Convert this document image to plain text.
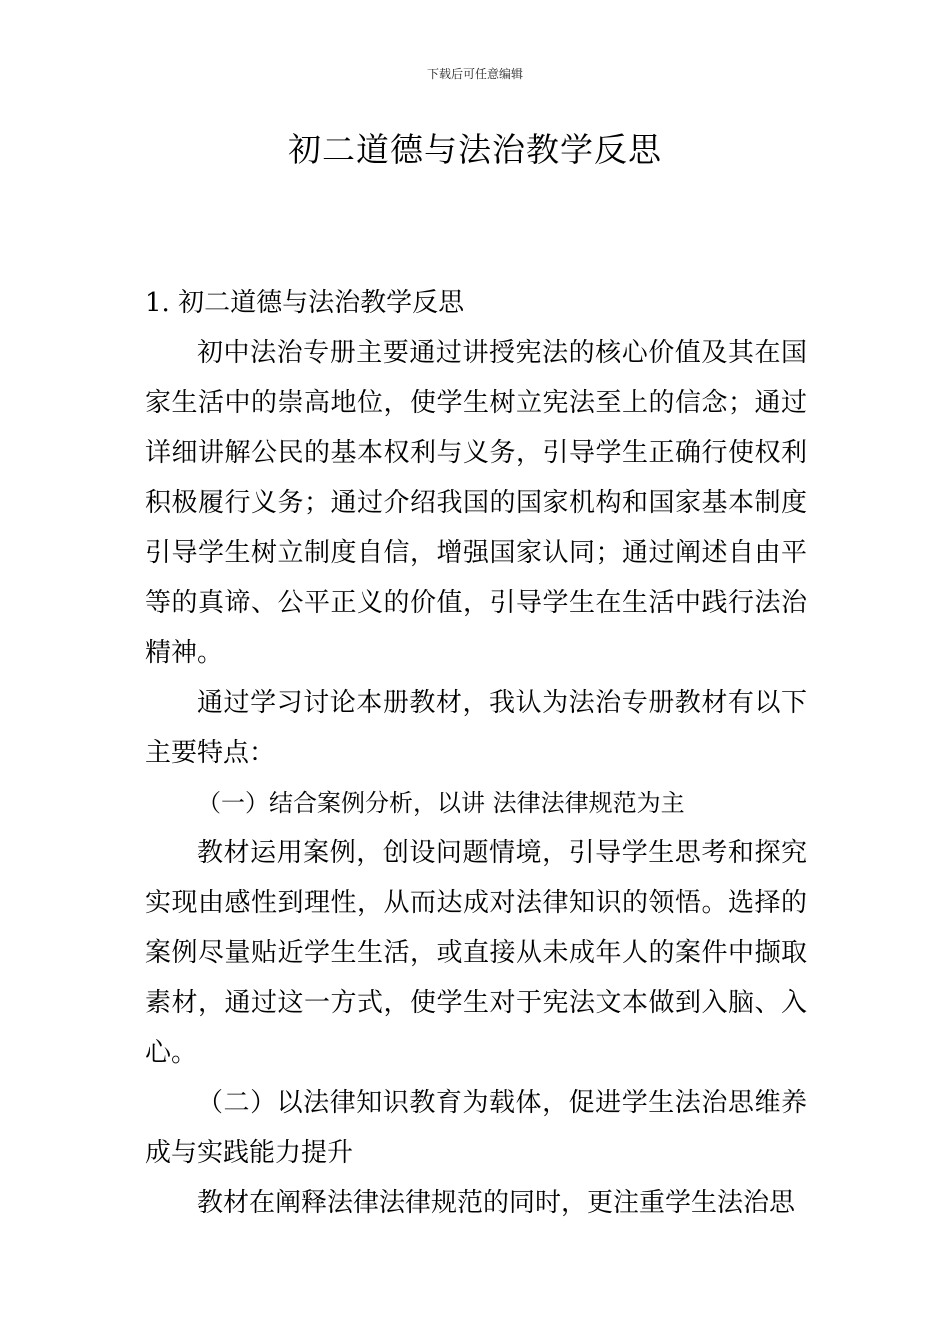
下载后可任意编辑
初二道德与法治教学反思

1. 初二道德与法治教学反思

初中法治专册主要通过讲授宪法的核心价值及其在国家生活中的崇高地位，使学生树立宪法至上的信念；通过详细讲解公民的基本权利与义务，引导学生正确行使权利积极履行义务；通过介绍我国的国家机构和国家基本制度引导学生树立制度自信，增强国家认同；通过阐述自由平等的真谛、公平正义的价值，引导学生在生活中践行法治精神。

通过学习讨论本册教材，我认为法治专册教材有以下主要特点：

（一）结合案例分析，以讲 法律法律规范为主

教材运用案例，创设问题情境，引导学生思考和探究实现由感性到理性，从而达成对法律知识的领悟。选择的案例尽量贴近学生生活，或直接从未成年人的案件中撷取素材，通过这一方式，使学生对于宪法文本做到入脑、入心。

（二）以法律知识教育为载体，促进学生法治思维养成与实践能力提升

教材在阐释法律法律规范的同时，更注重学生法治思
